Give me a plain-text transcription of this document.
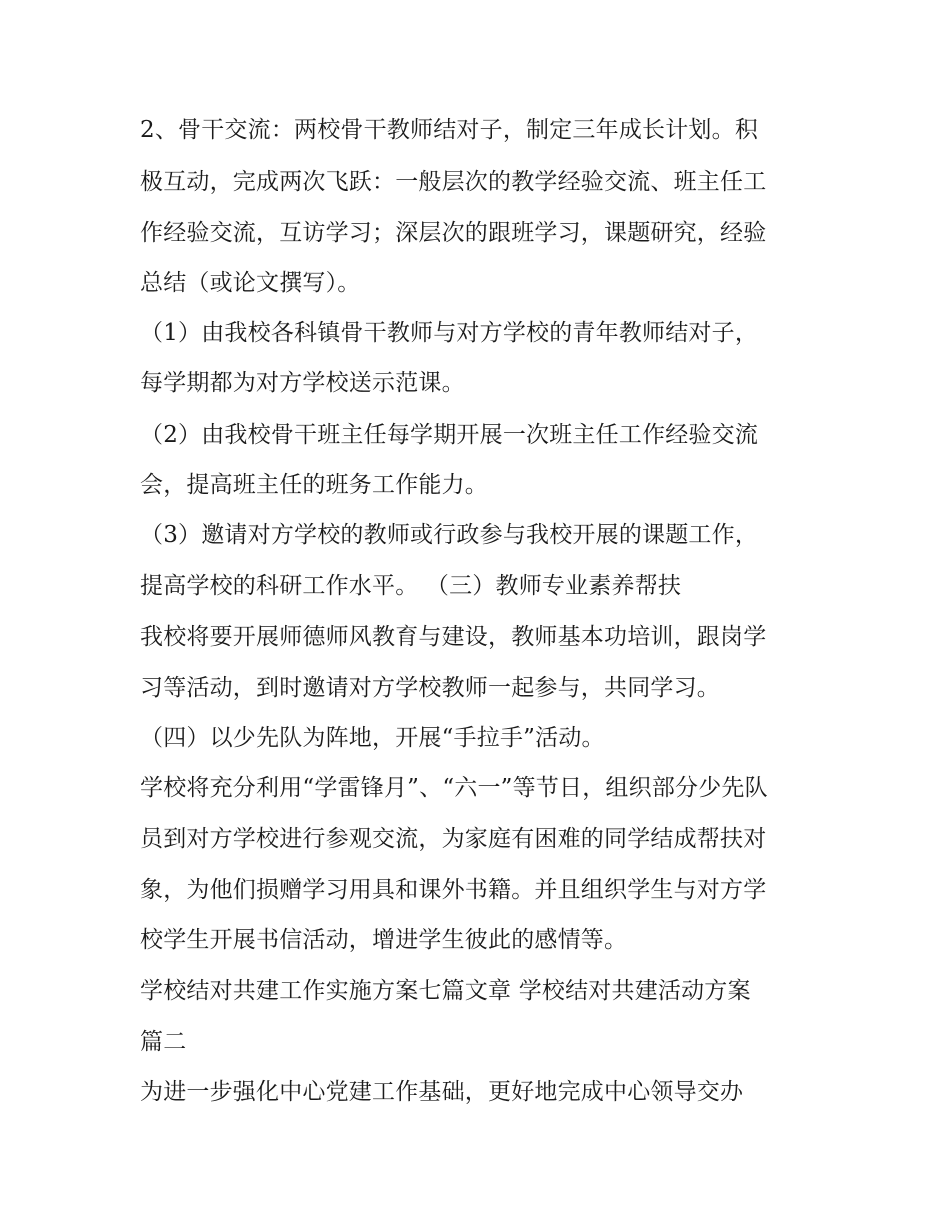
2、骨干交流：两校骨干教师结对子，制定三年成长计划。积
极互动，完成两次飞跃：一般层次的教学经验交流、班主任工
作经验交流，互访学习；深层次的跟班学习，课题研究，经验
总结（或论文撰写）。
（1）由我校各科镇骨干教师与对方学校的青年教师结对子，
每学期都为对方学校送示范课。
（2）由我校骨干班主任每学期开展一次班主任工作经验交流
会，提高班主任的班务工作能力。
（3）邀请对方学校的教师或行政参与我校开展的课题工作，
提高学校的科研工作水平。 （三）教师专业素养帮扶
我校将要开展师德师风教育与建设，教师基本功培训，跟岗学
习等活动，到时邀请对方学校教师一起参与，共同学习。
（四）以少先队为阵地，开展“手拉手”活动。
学校将充分利用“学雷锋月”、“六一”等节日，组织部分少先队
员到对方学校进行参观交流，为家庭有困难的同学结成帮扶对
象，为他们损赠学习用具和课外书籍。并且组织学生与对方学
校学生开展书信活动，增进学生彼此的感情等。
学校结对共建工作实施方案七篇文章 学校结对共建活动方案
篇二
为进一步强化中心党建工作基础，更好地完成中心领导交办
